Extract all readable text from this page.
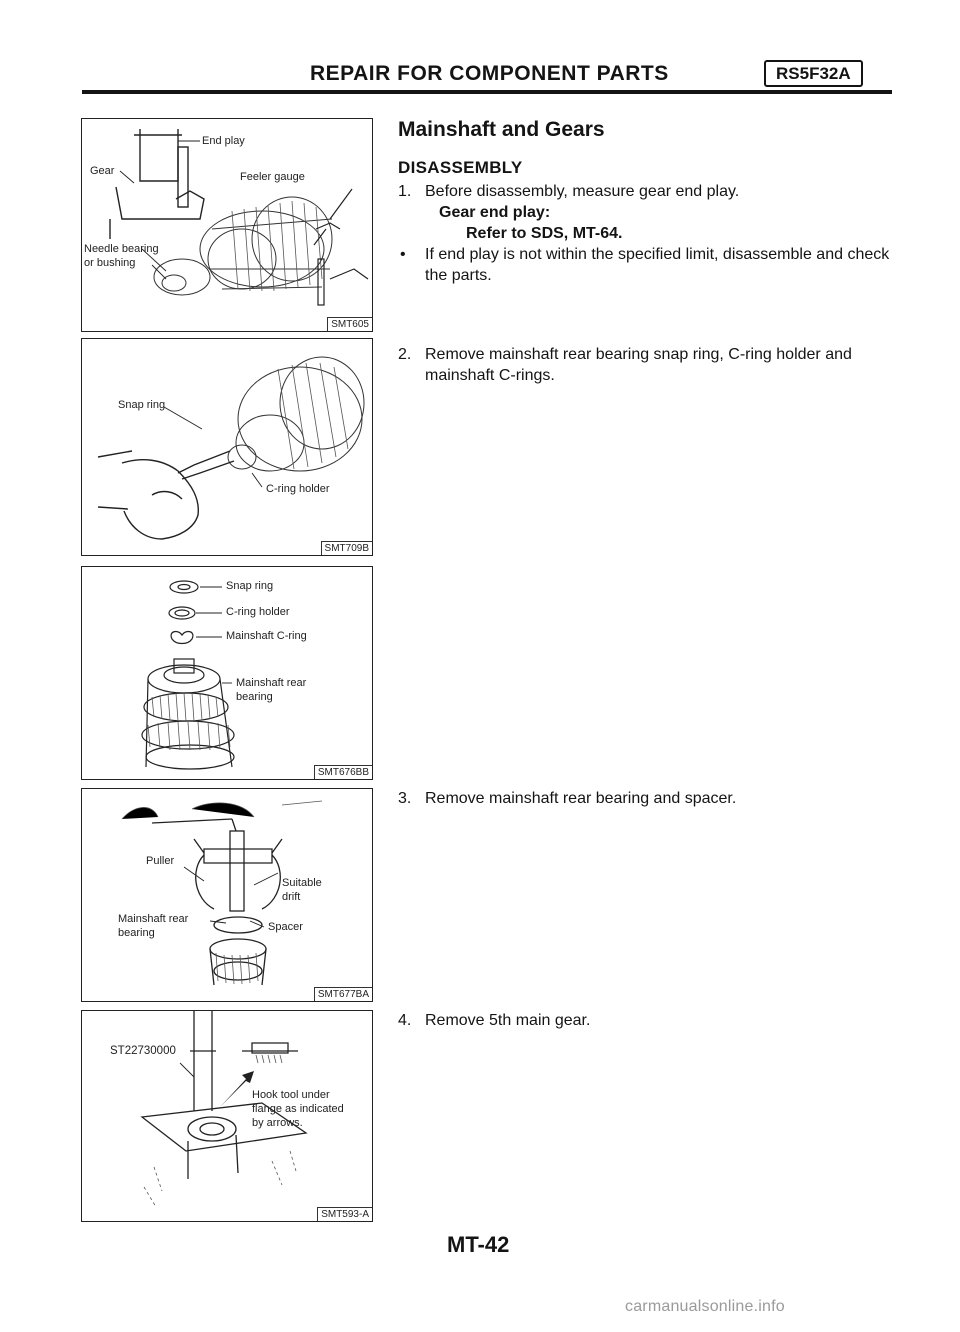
REPAIR FOR COMPONENT PARTS	RS5F32A
End play
Gear	Feeler gauge
Needle bearing
or bushing
SMT605
Snap ring
C-ring holder
SMT709B
Snap ring
C-ring holder
Mainshaft C-ring
Mainshaft rear
bearing
SMT676BB
Puller
Suitable
drift
Mainshaft rear
bearing	Spacer
SMT677BA
ST22730000
Hook tool under
flange as indicated
by arrows.
SMT593-A
Mainshaft and Gears
DISASSEMBLY
1. Before disassembly, measure gear end play.
Gear end play:
Refer to SDS, MT-64.
• If end play is not within the specified limit, disassemble and check the parts.
2. Remove mainshaft rear bearing snap ring, C-ring holder and mainshaft C-rings.
3. Remove mainshaft rear bearing and spacer.
4. Remove 5th main gear.
MT-42
carmanualsonline.info
